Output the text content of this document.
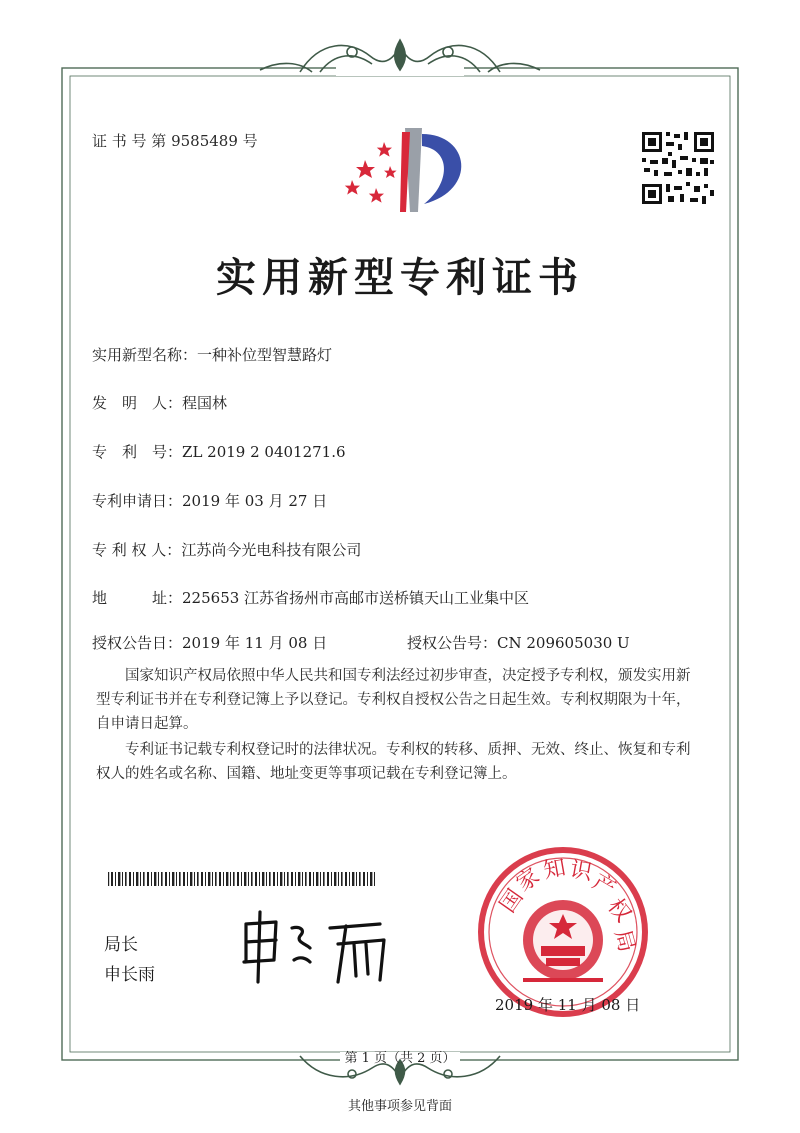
国
家
知 识
产
权
局
证 书 号 第 9585489 号
实用新型专利证书
实用新型名称：一种补位型智慧路灯
发　明　人：程国林
专　利　号：ZL 2019 2 0401271.6
专利申请日：2019 年 03 月 27 日
专 利 权 人：江苏尚今光电科技有限公司
地　　　址：225653 江苏省扬州市高邮市送桥镇天山工业集中区
授权公告日：2019 年 11 月 08 日	授权公告号：CN 209605030 U
国家知识产权局依照中华人民共和国专利法经过初步审查，决定授予专利权，颁发实用新型专利证书并在专利登记簿上予以登记。专利权自授权公告之日起生效。专利权期限为十年，自申请日起算。
专利证书记载专利权登记时的法律状况。专利权的转移、质押、无效、终止、恢复和专利权人的姓名或名称、国籍、地址变更等事项记载在专利登记簿上。
局长
申长雨
2019 年 11 月 08 日
第 1 页（共 2 页）
其他事项参见背面
